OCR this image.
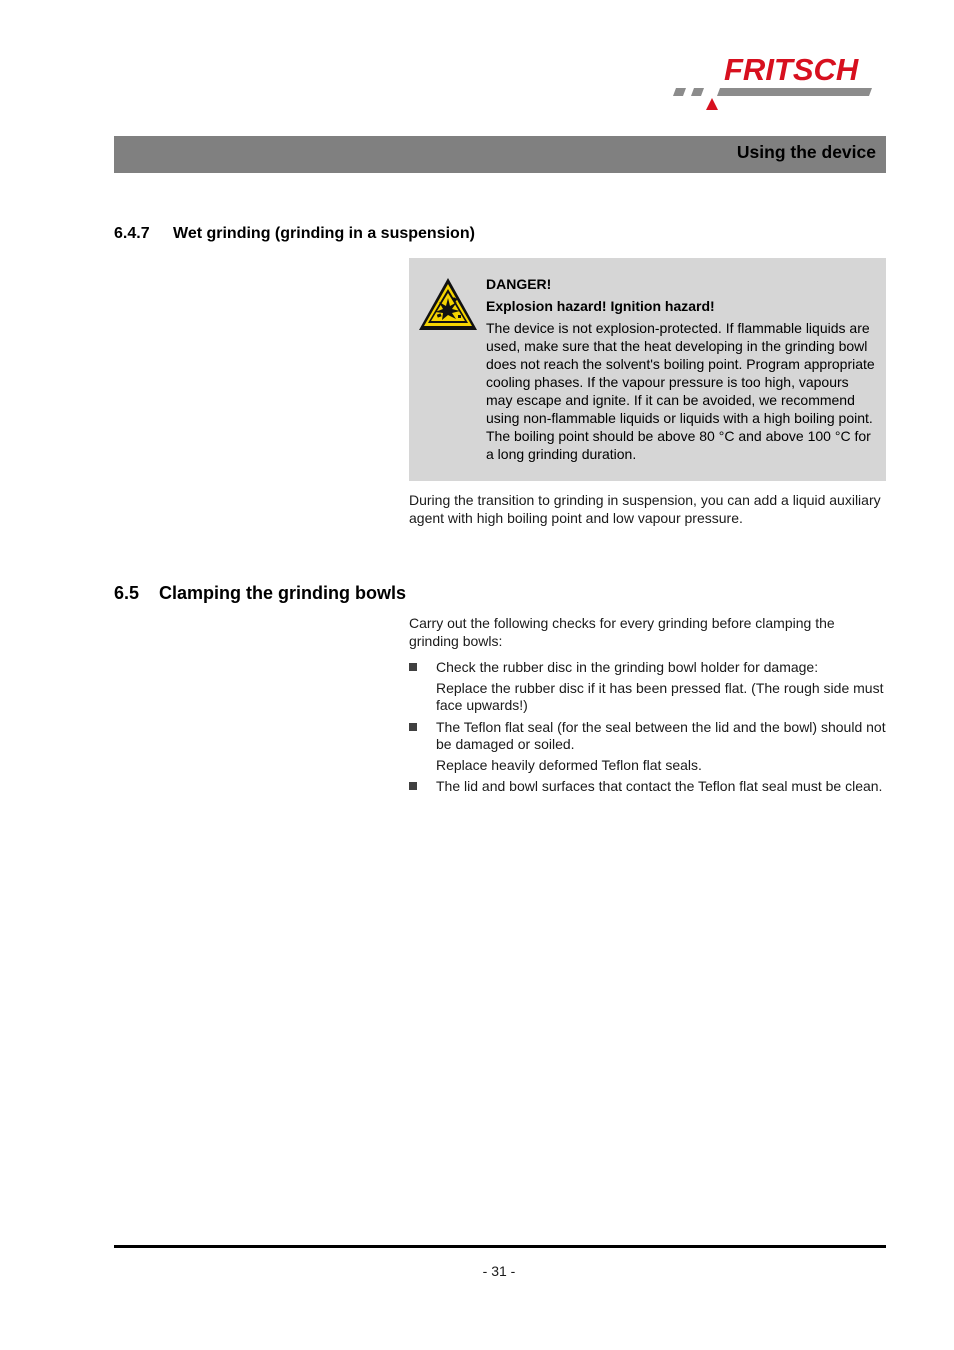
FRITSCH
Using the device
6.4.7 Wet grinding (grinding in a suspension)
DANGER!
Explosion hazard! Ignition hazard!
The device is not explosion-protected. If flammable liquids are used, make sure that the heat developing in the grinding bowl does not reach the solvent's boiling point. Program appropriate cooling phases. If the vapour pressure is too high, vapours may escape and ignite. If it can be avoided, we recommend using non-flammable liquids or liquids with a high boiling point. The boiling point should be above 80 °C and above 100 °C for a long grinding duration.
During the transition to grinding in suspension, you can add a liquid auxiliary agent with high boiling point and low vapour pressure.
6.5 Clamping the grinding bowls
Carry out the following checks for every grinding before clamping the grinding bowls:
Check the rubber disc in the grinding bowl holder for damage:
Replace the rubber disc if it has been pressed flat. (The rough side must face upwards!)
The Teflon flat seal (for the seal between the lid and the bowl) should not be damaged or soiled.
Replace heavily deformed Teflon flat seals.
The lid and bowl surfaces that contact the Teflon flat seal must be clean.
- 31 -
